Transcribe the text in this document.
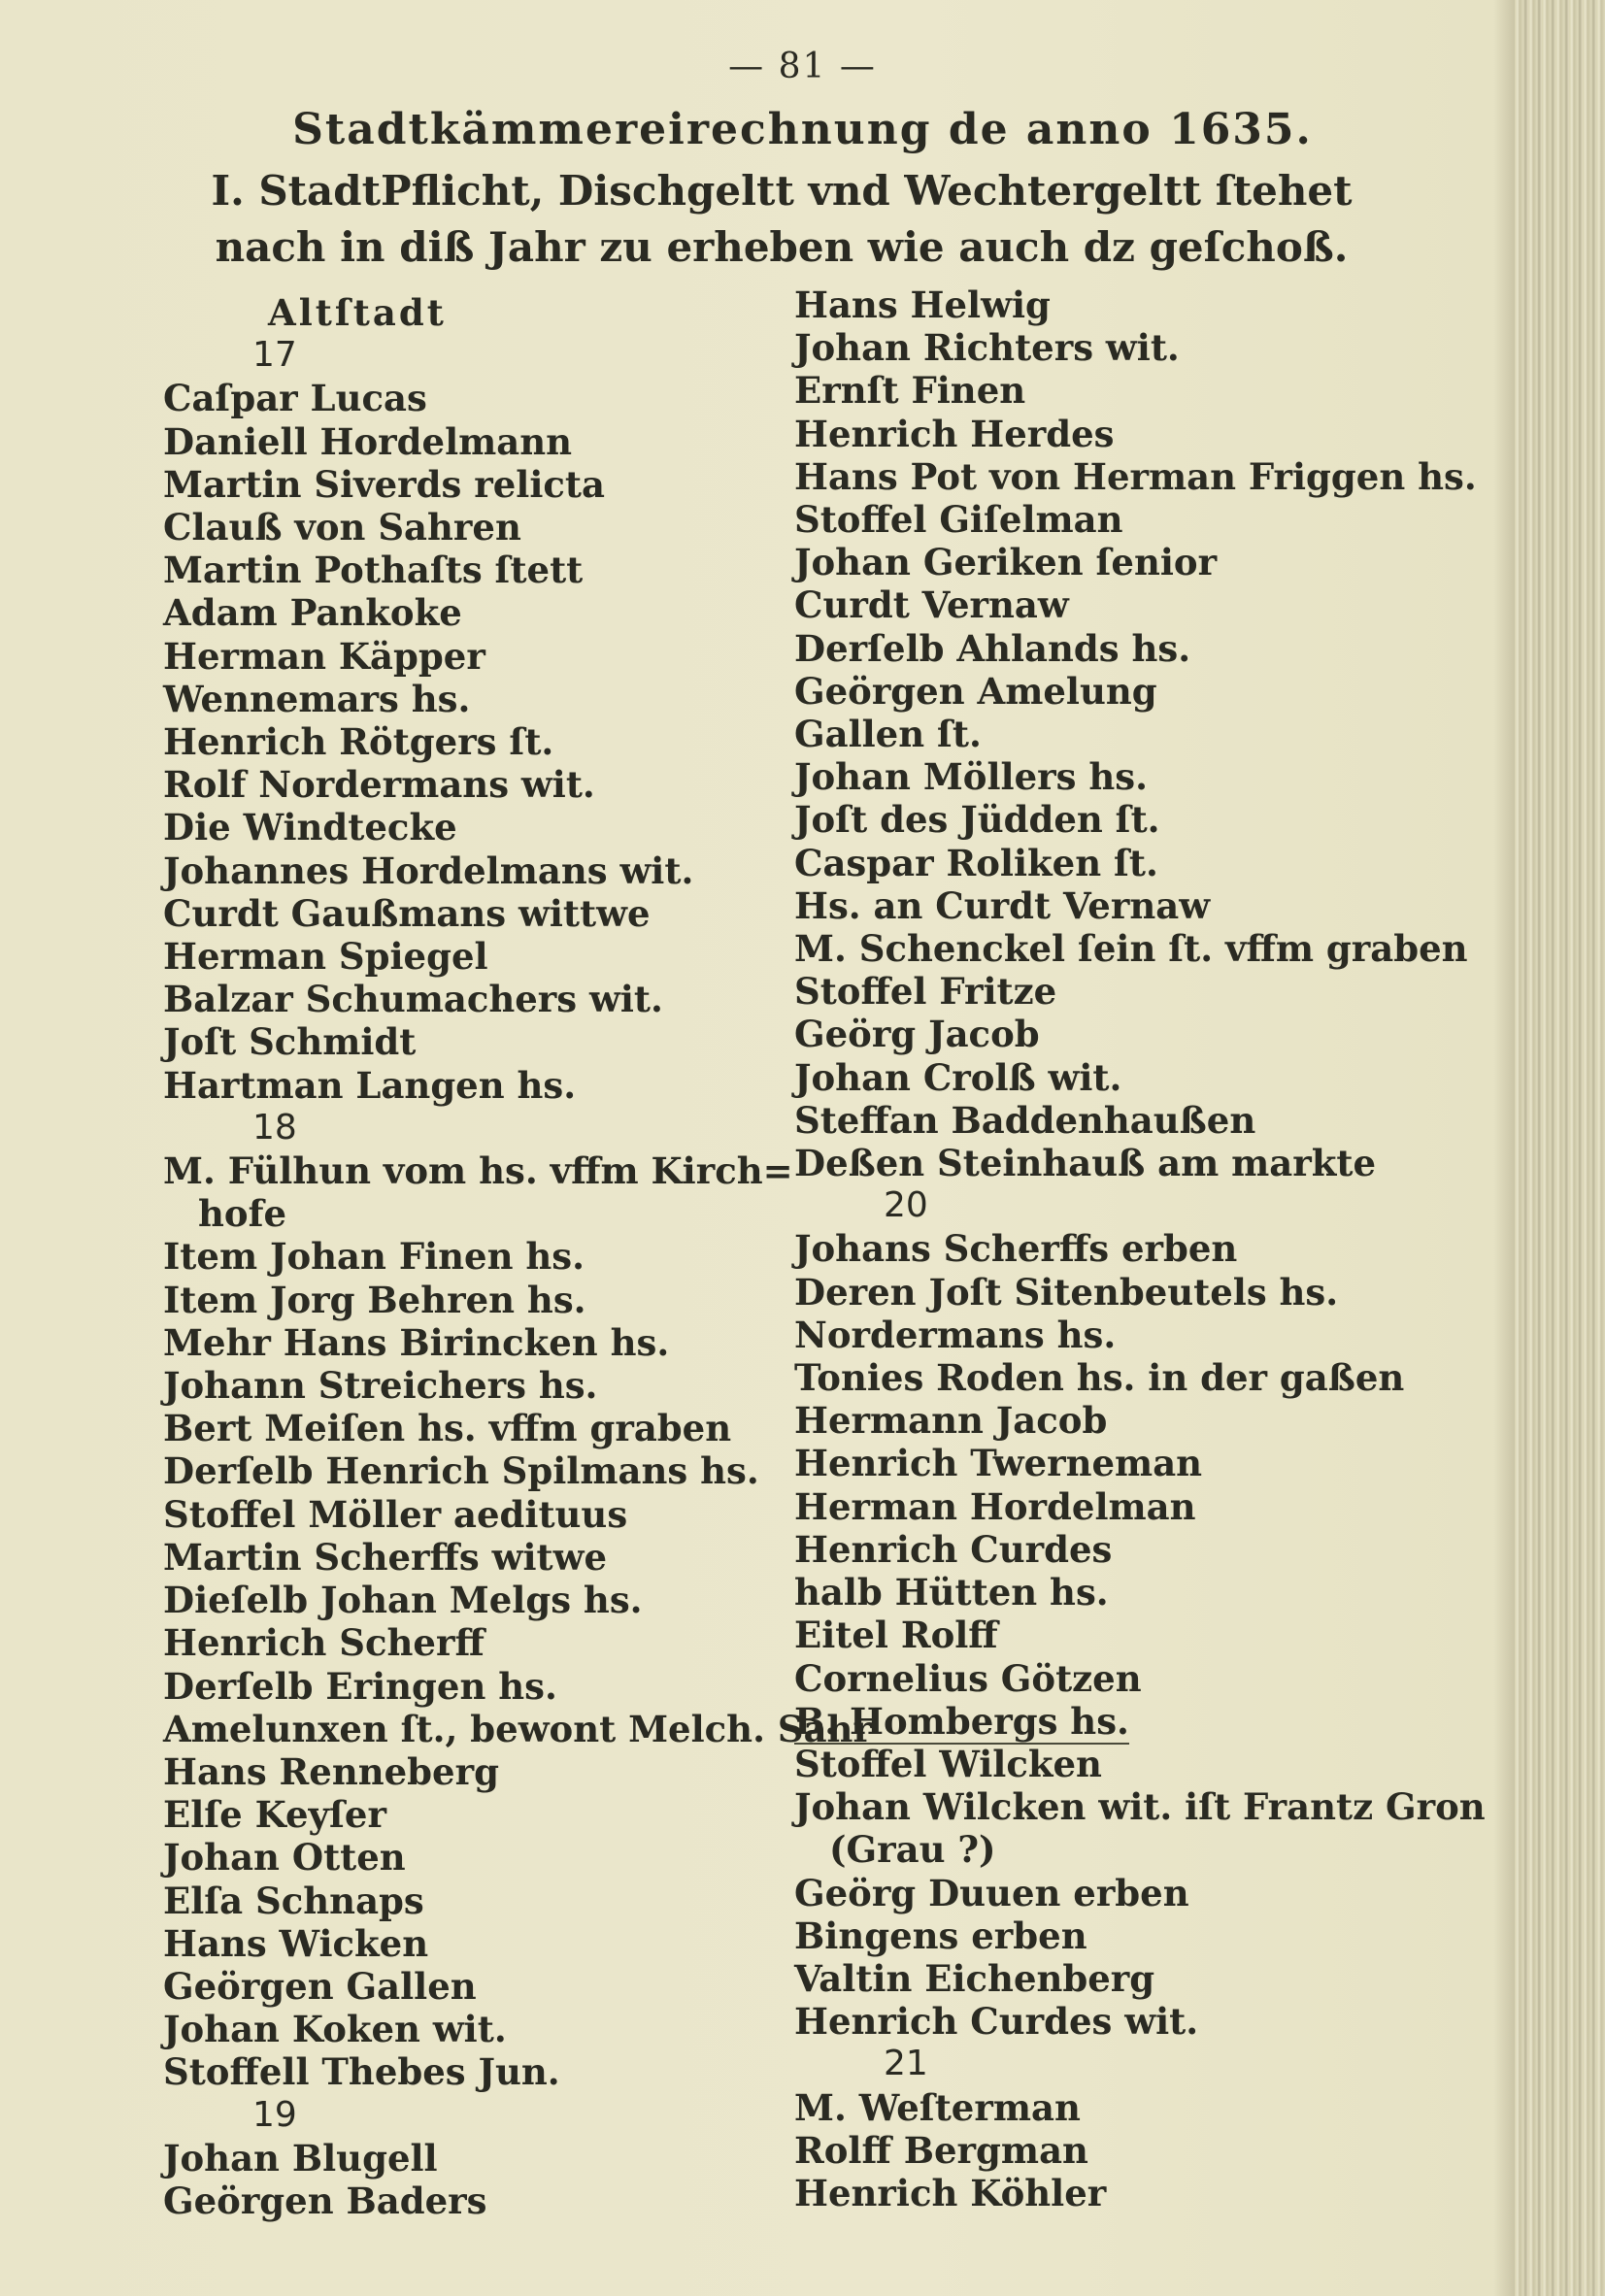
— 81 —
Stadtkämmereirechnung de anno 1635.
I. StadtPflicht, Dischgeltt vnd Wechtergeltt ſtehet nach in diß Jahr zu erheben wie auch dz geſchoß.
Altſtadt
17
Caſpar Lucas
Daniell Hordelmann
Martin Siverds relicta
Clauß von Sahren
Martin Pothaſts ſtett
Adam Pankoke
Herman Käpper
Wennemars hs.
Henrich Rötgers ſt.
Rolf Nordermans wit.
Die Windtecke
Johannes Hordelmans wit.
Curdt Gaußmans wittwe
Herman Spiegel
Balzar Schumachers wit.
Joſt Schmidt
Hartman Langen hs.
18
M. Fülhun vom hs. vffm Kirch=
hofe
Item Johan Finen hs.
Item Jorg Behren hs.
Mehr Hans Birincken hs.
Johann Streichers hs.
Bert Meiſen hs. vffm graben
Derſelb Henrich Spilmans hs.
Stoffel Möller aedituus
Martin Scherffs witwe
Dieſelb Johan Melgs hs.
Henrich Scherff
Derſelb Eringen hs.
Amelunxen ſt., bewont Melch. Sahr
Hans Renneberg
Elſe Keyſer
Johan Otten
Elſa Schnaps
Hans Wicken
Geörgen Gallen
Johan Koken wit.
Stoffell Thebes Jun.
19
Johan Blugell
Geörgen Baders
Hans Helwig
Johan Richters wit.
Ernſt Finen
Henrich Herdes
Hans Pot von Herman Friggen hs.
Stoffel Giſelman
Johan Geriken ſenior
Curdt Vernaw
Derſelb Ahlands hs.
Geörgen Amelung
Gallen ſt.
Johan Möllers hs.
Joſt des Jüdden ſt.
Caspar Roliken ſt.
Hs. an Curdt Vernaw
M. Schenckel ſein ſt. vffm graben
Stoffel Fritze
Geörg Jacob
Johan Crolß wit.
Steffan Baddenhaußen
Deßen Steinhauß am markte
20
Johans Scherffs erben
Deren Joſt Sitenbeutels hs.
Nordermans hs.
Tonies Roden hs. in der gaßen
Hermann Jacob
Henrich Twerneman
Herman Hordelman
Henrich Curdes
halb Hütten hs.
Eitel Rolff
Cornelius Götzen
B. Hombergs hs.
Stoffel Wilcken
Johan Wilcken wit. iſt Frantz Gron
(Grau ?)
Geörg Duuen erben
Bingens erben
Valtin Eichenberg
Henrich Curdes wit.
21
M. Weſterman
Rolff Bergman
Henrich Köhler
